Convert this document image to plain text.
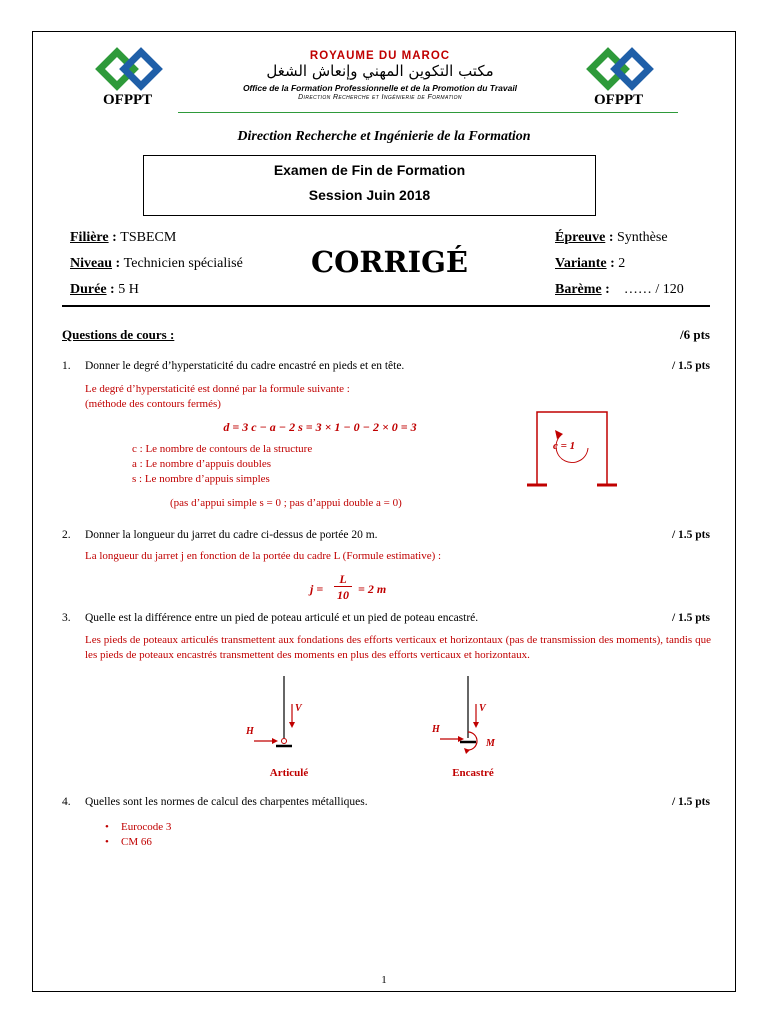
OFPPT	OFPPT
ROYAUME DU MAROC
مكتب التكوين المهني وإنعاش الشغل
Office de la Formation Professionnelle et de la Promotion du Travail
Direction Recherche et Ingénierie de Formation
Direction Recherche et Ingénierie de la Formation
Examen de Fin de Formation
Session Juin 2018
Filière : TSBECM
Niveau : Technicien spécialisé
Durée : 5 H
CORRIGÉ
Épreuve : Synthèse
Variante : 2
Barème :    …… / 120
Questions de cours :	/6 pts
1. Donner le degré d’hyperstaticité du cadre encastré en pieds et en tête.	/ 1.5 pts
Le degré d’hyperstaticité est donné par la formule suivante :
(méthode des contours fermés)
d = 3 c − a − 2 s = 3 × 1 − 0 − 2 × 0 = 3
c : Le nombre de contours de la structure
a : Le nombre d’appuis doubles
s : Le nombre d’appuis simples
(pas d’appui simple s = 0 ; pas d’appui double a = 0)
c = 1
2. Donner la longueur du jarret du cadre ci-dessus de portée 20 m.	/ 1.5 pts
La longueur du jarret j en fonction de la portée du cadre L (Formule estimative) :
j =
L
10 = 2 m
3. Quelle est la différence entre un pied de poteau articulé et un pied de poteau encastré.	/ 1.5 pts
Les pieds de poteaux articulés transmettent aux fondations des efforts verticaux et horizontaux (pas de transmission des moments), tandis que les pieds de poteaux encastrés transmettent des moments en plus des efforts verticaux et horizontaux.
V
H
Articulé
V
H
M
Encastré
4. Quelles sont les normes de calcul des charpentes métalliques.	/ 1.5 pts
• Eurocode 3
• CM 66
1
